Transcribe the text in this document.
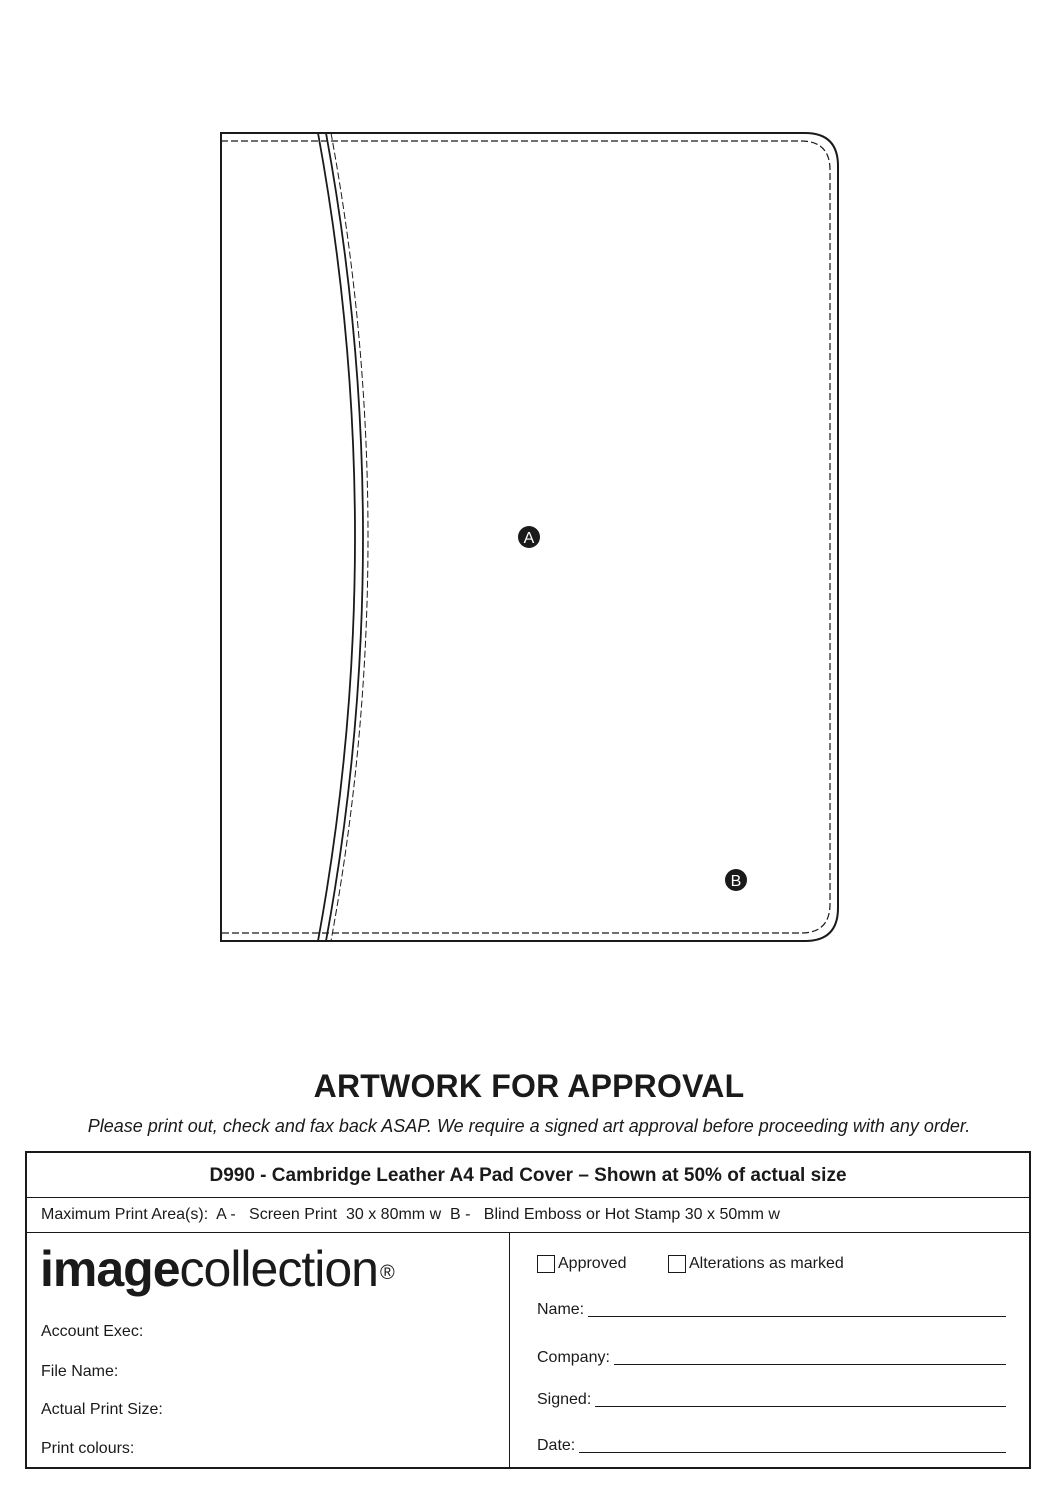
A
B
ARTWORK FOR APPROVAL
Please print out, check and fax back ASAP. We require a signed art approval before proceeding with any order.
D990 - Cambridge Leather A4 Pad Cover – Shown at 50% of actual size
Maximum Print Area(s):  A -   Screen Print  30 x 80mm w  B -   Blind Emboss or Hot Stamp 30 x 50mm w
imagecollection ®
Account Exec:
File Name:
Actual Print Size:
Print colours:
Approved	Alterations as marked
Name:
Company:
Signed:
Date:
